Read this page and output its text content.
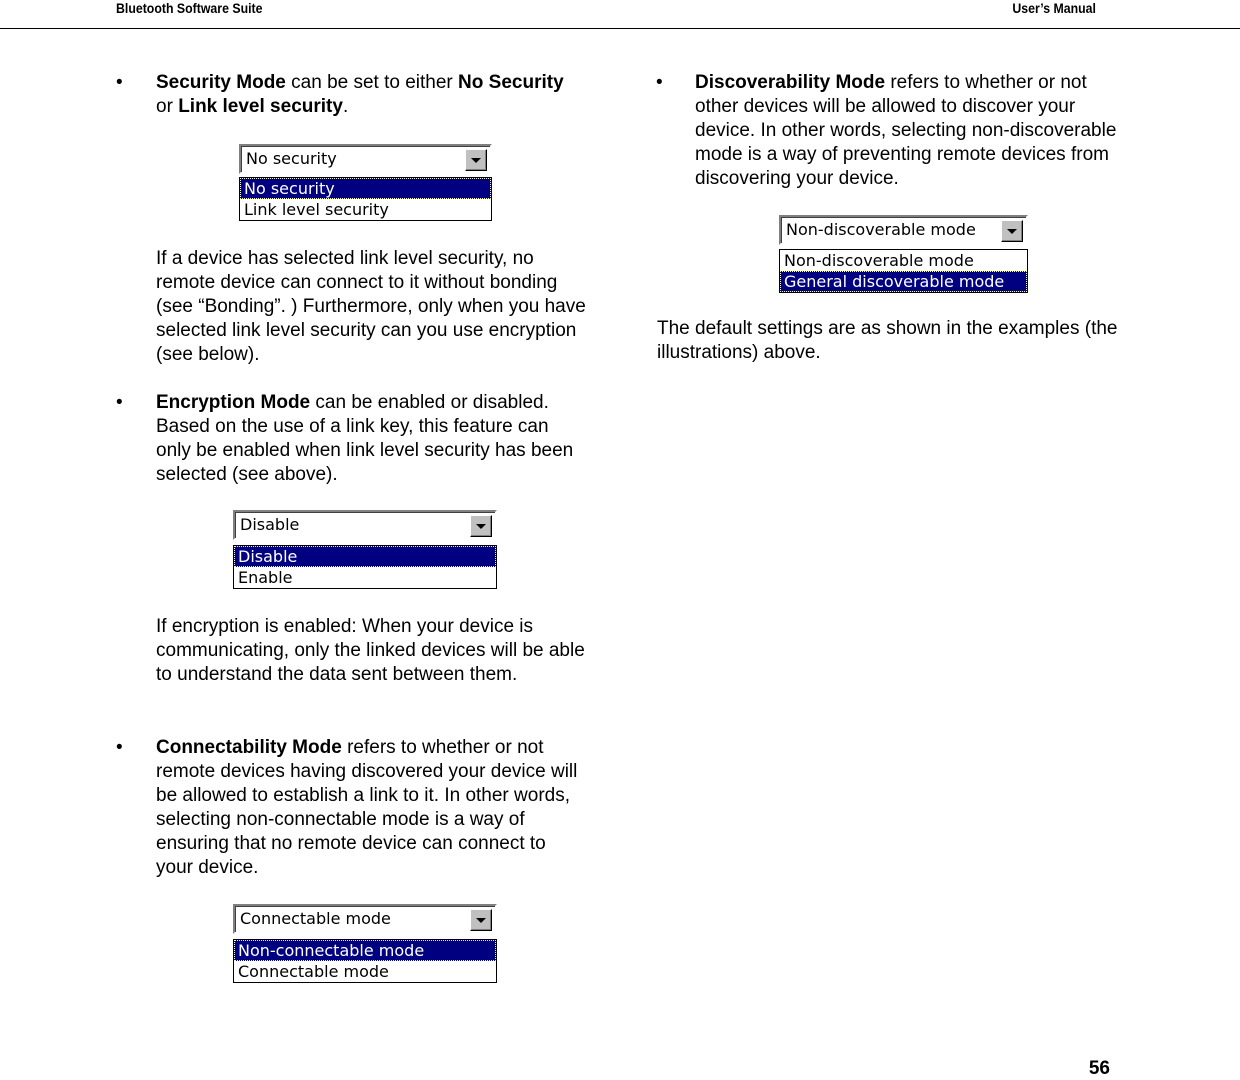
Bluetooth Software Suite	User’s Manual
• Security Mode can be set to either No Security or Link level security.

No security
No security
Link level security

If a device has selected link level security, no remote device can connect to it without bonding (see “Bonding”. ) Furthermore, only when you have selected link level security can you use encryption (see below).

• Encryption Mode can be enabled or disabled. Based on the use of a link key, this feature can only be enabled when link level security has been selected (see above).

Disable
Disable
Enable

If encryption is enabled: When your device is communicating, only the linked devices will be able to understand the data sent between them.

• Connectability Mode refers to whether or not remote devices having discovered your device will be allowed to establish a link to it. In other words, selecting non-connectable mode is a way of ensuring that no remote device can connect to your device.

Connectable mode
Non-connectable mode
Connectable mode
• Discoverability Mode refers to whether or not other devices will be allowed to discover your device. In other words, selecting non-discoverable mode is a way of preventing remote devices from discovering your device.

Non-discoverable mode
Non-discoverable mode
General discoverable mode

The default settings are as shown in the examples (the illustrations) above.

56
